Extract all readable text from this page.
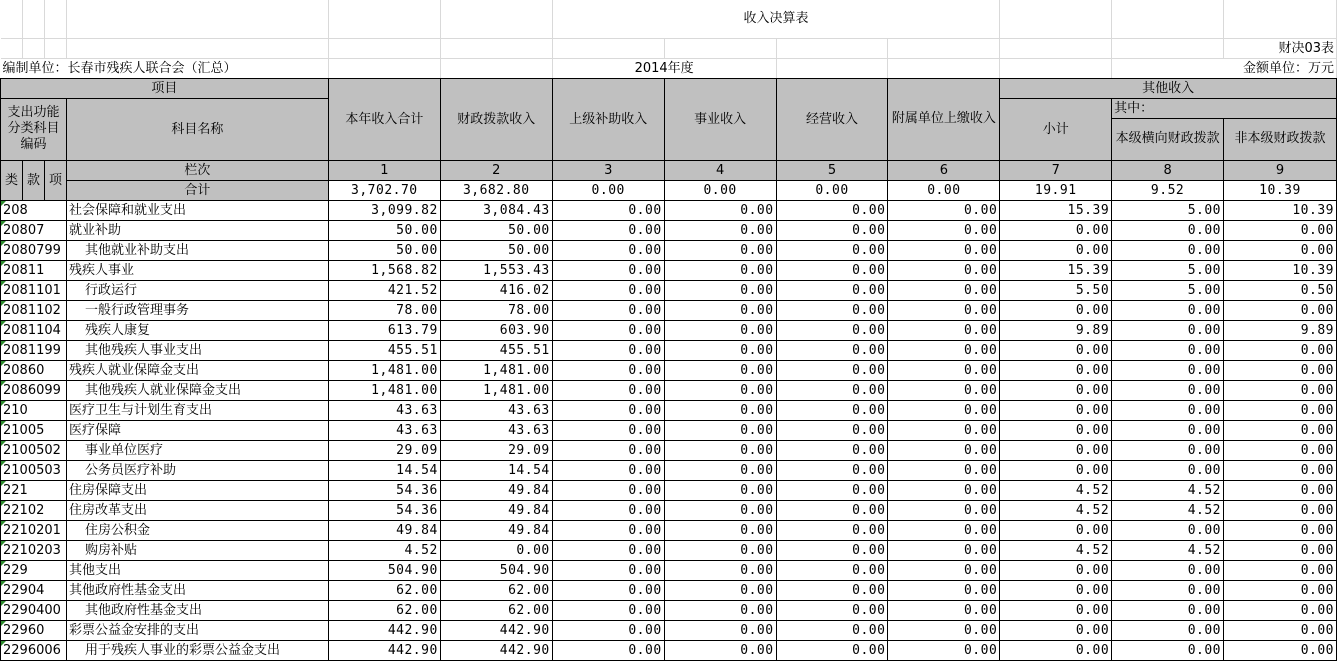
						收入决算表						
												财决03表
编制单位：长春市残疾人联合会（汇总）						2014年度					金额单位：万元	
项目				本年收入合计	财政拨款收入	上级补助收入	事业收入	经营收入	附属单位上缴收入	其他收入		
支出功能分类科目编码			科目名称							小计	其中：	
											本级横向财政拨款	非本级财政拨款
类	款	项	栏次	1	2	3	4	5	6	7	8	9
			合计	3,702.70	3,682.80	0.00	0.00	0.00	0.00	19.91	9.52	10.39
208			社会保障和就业支出	3,099.82	3,084.43	0.00	0.00	0.00	0.00	15.39	5.00	10.39
20807			就业补助	50.00	50.00	0.00	0.00	0.00	0.00	0.00	0.00	0.00
2080799			其他就业补助支出	50.00	50.00	0.00	0.00	0.00	0.00	0.00	0.00	0.00
20811			残疾人事业	1,568.82	1,553.43	0.00	0.00	0.00	0.00	15.39	5.00	10.39
2081101			行政运行	421.52	416.02	0.00	0.00	0.00	0.00	5.50	5.00	0.50
2081102			一般行政管理事务	78.00	78.00	0.00	0.00	0.00	0.00	0.00	0.00	0.00
2081104			残疾人康复	613.79	603.90	0.00	0.00	0.00	0.00	9.89	0.00	9.89
2081199			其他残疾人事业支出	455.51	455.51	0.00	0.00	0.00	0.00	0.00	0.00	0.00
20860			残疾人就业保障金支出	1,481.00	1,481.00	0.00	0.00	0.00	0.00	0.00	0.00	0.00
2086099			其他残疾人就业保障金支出	1,481.00	1,481.00	0.00	0.00	0.00	0.00	0.00	0.00	0.00
210			医疗卫生与计划生育支出	43.63	43.63	0.00	0.00	0.00	0.00	0.00	0.00	0.00
21005			医疗保障	43.63	43.63	0.00	0.00	0.00	0.00	0.00	0.00	0.00
2100502			事业单位医疗	29.09	29.09	0.00	0.00	0.00	0.00	0.00	0.00	0.00
2100503			公务员医疗补助	14.54	14.54	0.00	0.00	0.00	0.00	0.00	0.00	0.00
221			住房保障支出	54.36	49.84	0.00	0.00	0.00	0.00	4.52	4.52	0.00
22102			住房改革支出	54.36	49.84	0.00	0.00	0.00	0.00	4.52	4.52	0.00
2210201			住房公积金	49.84	49.84	0.00	0.00	0.00	0.00	0.00	0.00	0.00
2210203			购房补贴	4.52	0.00	0.00	0.00	0.00	0.00	4.52	4.52	0.00
229			其他支出	504.90	504.90	0.00	0.00	0.00	0.00	0.00	0.00	0.00
22904			其他政府性基金支出	62.00	62.00	0.00	0.00	0.00	0.00	0.00	0.00	0.00
2290400			其他政府性基金支出	62.00	62.00	0.00	0.00	0.00	0.00	0.00	0.00	0.00
22960			彩票公益金安排的支出	442.90	442.90	0.00	0.00	0.00	0.00	0.00	0.00	0.00
2296006			用于残疾人事业的彩票公益金支出	442.90	442.90	0.00	0.00	0.00	0.00	0.00	0.00	0.00
